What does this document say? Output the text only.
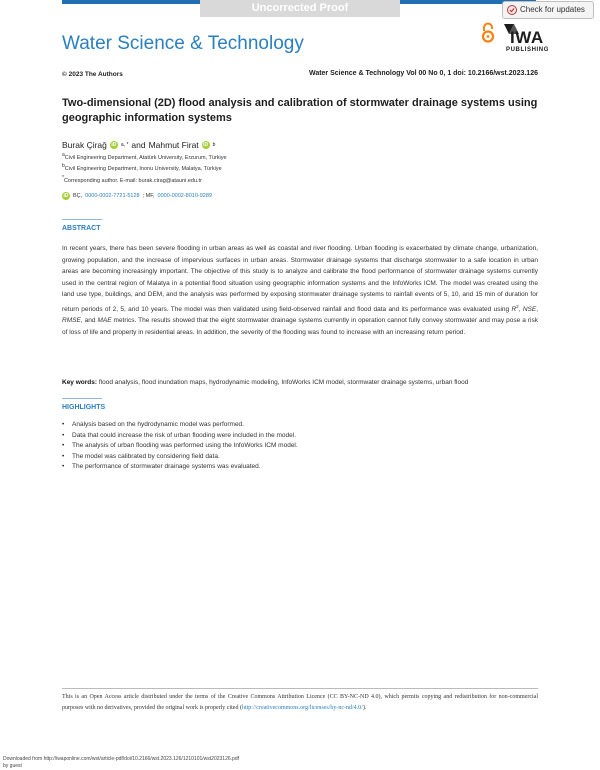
Uncorrected Proof	Check for updates
Water Science & Technology	IWA
PUBLISHING
© 2023 The Authors	Water Science & Technology Vol 00 No 0, 1 doi: 10.2166/wst.2023.126
Two-dimensional (2D) flood analysis and calibration of stormwater drainage systems using geographic information systems
Burak Çirağ iD a, * and Mahmut Firat iD b
aCivil Engineering Department, Atatürk University, Erzurum, Türkiye
bCivil Engineering Department, Inonu University, Malatya, Türkiye
*Corresponding author. E-mail: burak.cirag@atauni.edu.tr
iD BÇ, 0000-0002-7721-5128 ; MF, 0000-0002-8010-9289
ABSTRACT
In recent years, there has been severe flooding in urban areas as well as coastal and river flooding. Urban flooding is exacerbated by climate change, urbanization, growing population, and the increase of impervious surfaces in urban areas. Stormwater drainage systems that discharge stormwater to a safe location in urban areas are becoming increasingly important. The objective of this study is to analyze and calibrate the flood performance of stormwater drainage systems currently used in the central region of Malatya in a potential flood situation using geographic information systems and the InfoWorks ICM. The model was created using the land use type, buildings, and DEM, and the analysis was performed by exposing stormwater drainage systems to rainfall events of 5, 10, and 15 min of duration for return periods of 2, 5, and 10 years. The model was then validated using field-observed rainfall and flood data and its performance was evaluated using $R^2$, NSE, RMSE, and MAE metrics. The results showed that the eight stormwater drainage systems currently in operation cannot fully convey stormwater and may pose a risk of loss of life and property in residential areas. In addition, the severity of the flooding was found to increase with an increasing return period.
Key words: flood analysis, flood inundation maps, hydrodynamic modeling, InfoWorks ICM model, stormwater drainage systems, urban flood
HIGHLIGHTS
• Analysis based on the hydrodynamic model was performed.
• Data that could increase the risk of urban flooding were included in the model.
• The analysis of urban flooding was performed using the InfoWorks ICM model.
• The model was calibrated by considering field data.
• The performance of stormwater drainage systems was evaluated.
This is an Open Access article distributed under the terms of the Creative Commons Attribution Licence (CC BY-NC-ND 4.0), which permits copying and redistribution for non-commercial purposes with no derivatives, provided the original work is properly cited (http://creativecommons.org/licenses/by-nc-nd/4.0/).
Downloaded from http://iwaponline.com/wst/article-pdf/doi/10.2166/wst.2023.126/1210101/wst2023126.pdf
by guest
